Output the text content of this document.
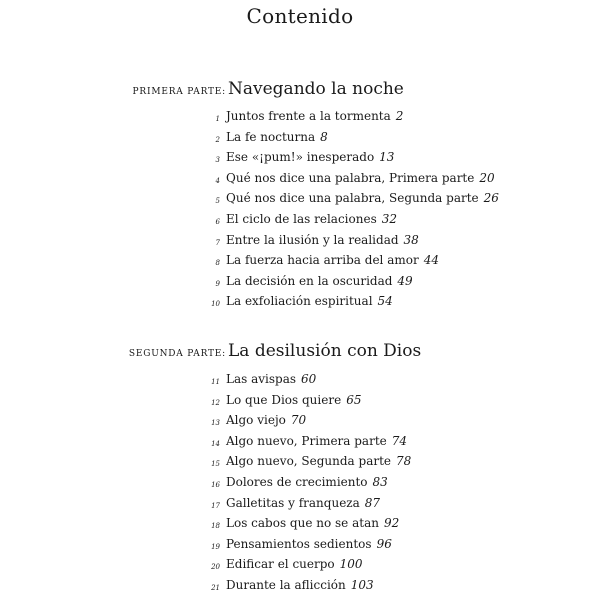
Contenido
PRIMERA PARTE: Navegando la noche
1 Juntos frente a la tormenta 2
2 La fe nocturna 8
3 Ese «¡pum!» inesperado 13
4 Qué nos dice una palabra, Primera parte 20
5 Qué nos dice una palabra, Segunda parte 26
6 El ciclo de las relaciones 32
7 Entre la ilusión y la realidad 38
8 La fuerza hacia arriba del amor 44
9 La decisión en la oscuridad 49
10 La exfoliación espiritual 54
SEGUNDA PARTE: La desilusión con Dios
11 Las avispas 60
12 Lo que Dios quiere 65
13 Algo viejo 70
14 Algo nuevo, Primera parte 74
15 Algo nuevo, Segunda parte 78
16 Dolores de crecimiento 83
17 Galletitas y franqueza 87
18 Los cabos que no se atan 92
19 Pensamientos sedientos 96
20 Edificar el cuerpo 100
21 Durante la aflicción 103
